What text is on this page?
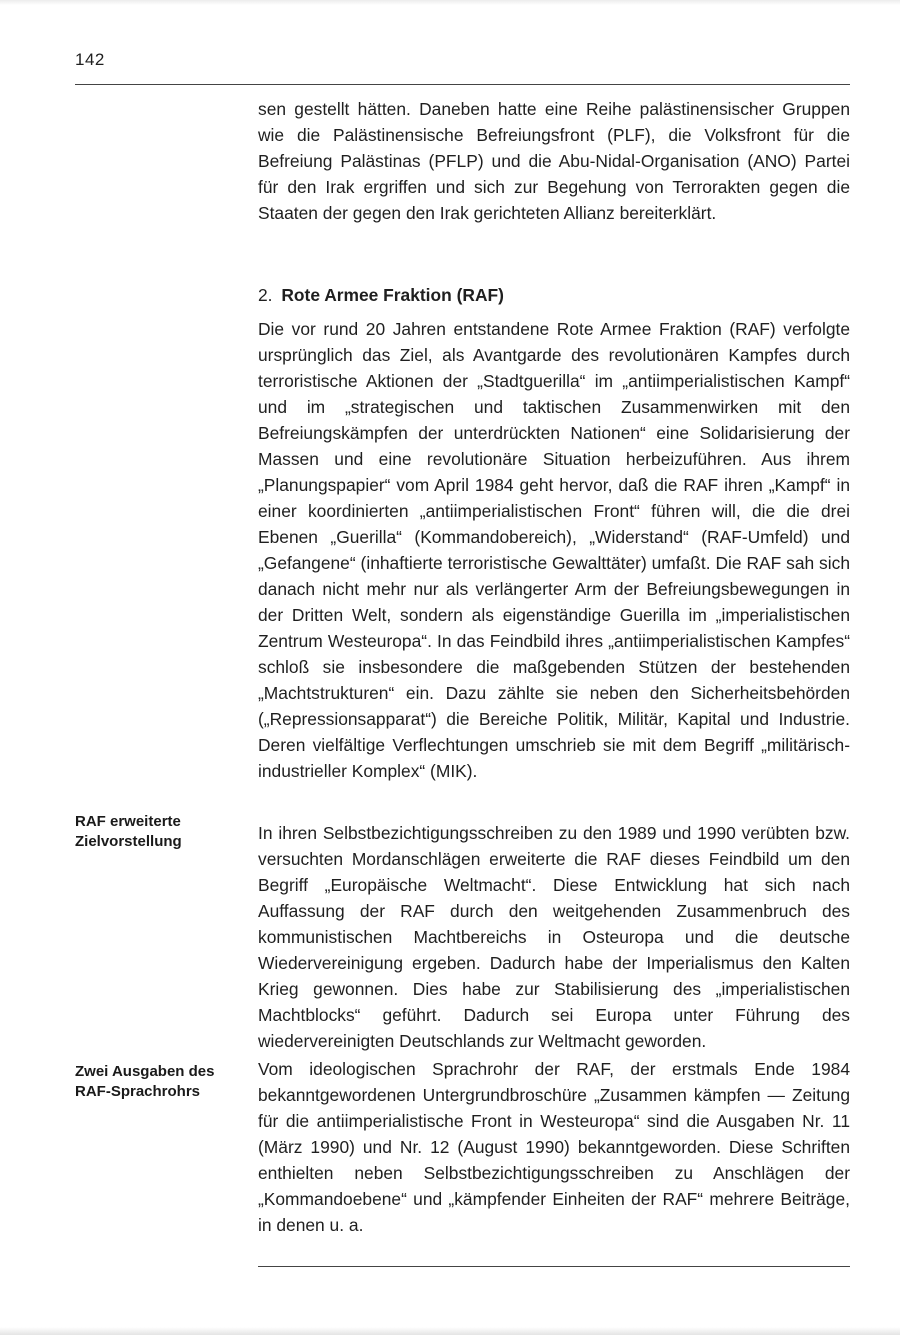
142

sen gestellt hätten. Daneben hatte eine Reihe palästinensischer Gruppen wie die Palästinensische Befreiungsfront (PLF), die Volksfront für die Befreiung Palästinas (PFLP) und die Abu-Nidal-Organisation (ANO) Partei für den Irak ergriffen und sich zur Begehung von Terrorakten gegen die Staaten der gegen den Irak gerichteten Allianz bereiterklärt.

2. Rote Armee Fraktion (RAF)

Die vor rund 20 Jahren entstandene Rote Armee Fraktion (RAF) verfolgte ursprünglich das Ziel, als Avantgarde des revolutionären Kampfes durch terroristische Aktionen der „Stadtguerilla“ im „antiimperialistischen Kampf“ und im „strategischen und taktischen Zusammenwirken mit den Befreiungskämpfen der unterdrückten Nationen“ eine Solidarisierung der Massen und eine revolutionäre Situation herbeizuführen. Aus ihrem „Planungspapier“ vom April 1984 geht hervor, daß die RAF ihren „Kampf“ in einer koordinierten „antiimperialistischen Front“ führen will, die die drei Ebenen „Guerilla“ (Kommandobereich), „Widerstand“ (RAF-Umfeld) und „Gefangene“ (inhaftierte terroristische Gewalttäter) umfaßt. Die RAF sah sich danach nicht mehr nur als verlängerter Arm der Befreiungsbewegungen in der Dritten Welt, sondern als eigenständige Guerilla im „imperialistischen Zentrum Westeuropa“. In das Feindbild ihres „antiimperialistischen Kampfes“ schloß sie insbesondere die maßgebenden Stützen der bestehenden „Machtstrukturen“ ein. Dazu zählte sie neben den Sicherheitsbehörden („Repressionsapparat“) die Bereiche Politik, Militär, Kapital und Industrie. Deren vielfältige Verflechtungen umschrieb sie mit dem Begriff „militärisch-industrieller Komplex“ (MIK).

RAF erweiterte Zielvorstellung	In ihren Selbstbezichtigungsschreiben zu den 1989 und 1990 verübten bzw. versuchten Mordanschlägen erweiterte die RAF dieses Feindbild um den Begriff „Europäische Weltmacht“. Diese Entwicklung hat sich nach Auffassung der RAF durch den weitgehenden Zusammenbruch des kommunistischen Machtbereichs in Osteuropa und die deutsche Wiedervereinigung ergeben. Dadurch habe der Imperialismus den Kalten Krieg gewonnen. Dies habe zur Stabilisierung des „imperialistischen Machtblocks“ geführt. Dadurch sei Europa unter Führung des wiedervereinigten Deutschlands zur Weltmacht geworden.

Zwei Ausgaben des RAF-Sprachrohrs

Vom ideologischen Sprachrohr der RAF, der erstmals Ende 1984 bekanntgewordenen Untergrundbroschüre „Zusammen kämpfen — Zeitung für die antiimperialistische Front in Westeuropa“ sind die Ausgaben Nr. 11 (März 1990) und Nr. 12 (August 1990) bekanntgeworden. Diese Schriften enthielten neben Selbstbezichtigungsschreiben zu Anschlägen der „Kommandoebene“ und „kämpfender Einheiten der RAF“ mehrere Beiträge, in denen u. a.
